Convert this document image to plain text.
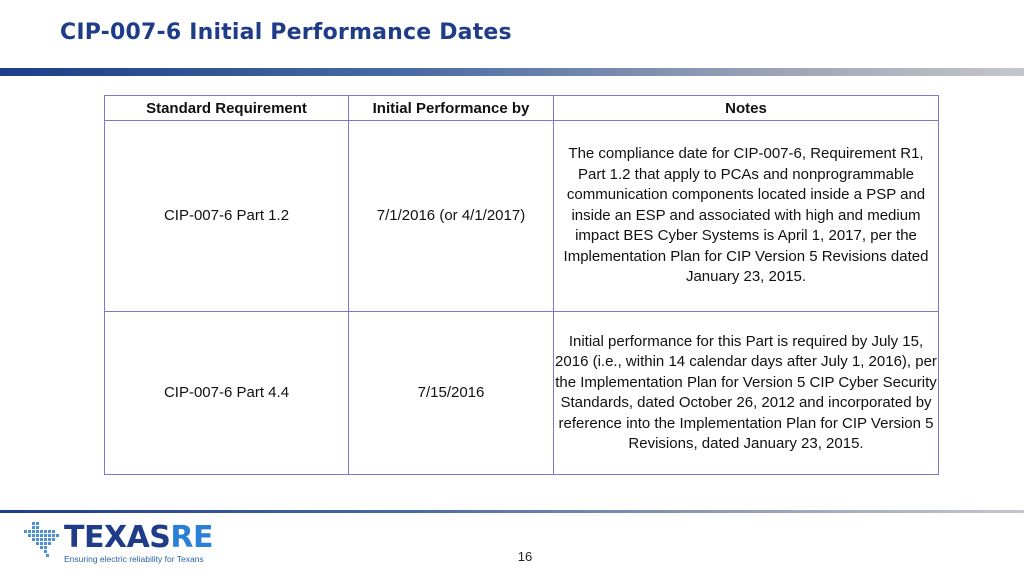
CIP-007-6 Initial Performance Dates
Standard Requirement	Initial Performance by	Notes
CIP-007-6 Part 1.2	7/1/2016 (or 4/1/2017)	The compliance date for CIP-007-6, Requirement R1, Part 1.2 that apply to PCAs and nonprogrammable communication components located inside a PSP and inside an ESP and associated with high and medium impact BES Cyber Systems is April 1, 2017, per the Implementation Plan for CIP Version 5 Revisions dated January 23, 2015.
CIP-007-6 Part 4.4	7/15/2016	Initial performance for this Part is required by July 15, 2016 (i.e., within 14 calendar days after July 1, 2016), per the Implementation Plan for Version 5 CIP Cyber Security Standards, dated October 26, 2012 and incorporated by reference into the Implementation Plan for CIP Version 5 Revisions, dated January 23, 2015.
TEXASRE
Ensuring electric reliability for Texans	16
